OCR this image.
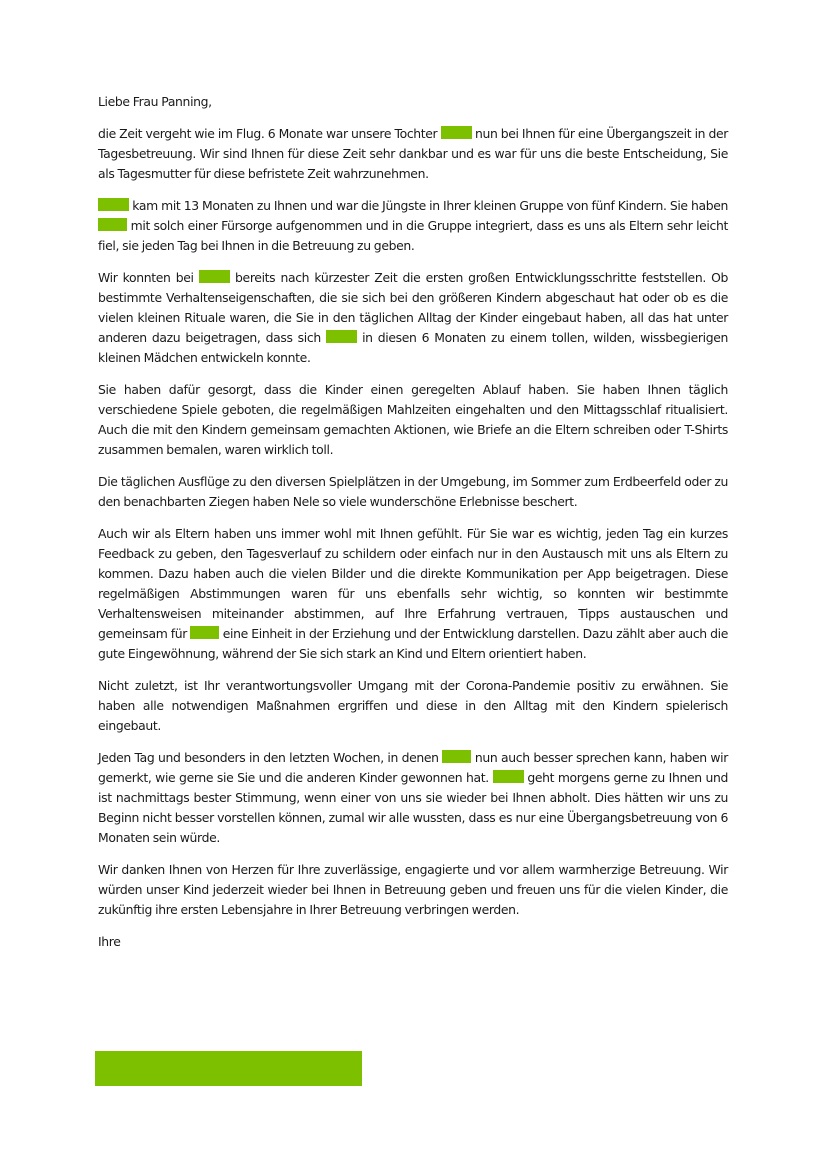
Liebe Frau Panning,

die Zeit vergeht wie im Flug. 6 Monate war unsere Tochter	nun bei Ihnen für eine Übergangszeit in der Tagesbetreuung. Wir sind Ihnen für diese Zeit sehr dankbar und es war für uns die beste Entscheidung, Sie als Tagesmutter für diese befristete Zeit wahrzunehmen.

kam mit 13 Monaten zu Ihnen und war die Jüngste in Ihrer kleinen Gruppe von fünf Kindern. Sie haben  mit solch einer Fürsorge aufgenommen und in die Gruppe integriert, dass es uns als Eltern sehr leicht fiel, sie jeden Tag bei Ihnen in die Betreuung zu geben.

Wir konnten bei	bereits nach kürzester Zeit die ersten großen Entwicklungsschritte feststellen. Ob bestimmte Verhaltenseigenschaften, die sie sich bei den größeren Kindern abgeschaut hat oder ob es die vielen kleinen Rituale waren, die Sie in den täglichen Alltag der Kinder eingebaut haben, all das hat unter anderen dazu beigetragen, dass sich	in diesen 6 Monaten zu einem tollen, wilden, wissbegierigen kleinen Mädchen entwickeln konnte.

Sie haben dafür gesorgt, dass die Kinder einen geregelten Ablauf haben. Sie haben Ihnen täglich verschiedene Spiele geboten, die regelmäßigen Mahlzeiten eingehalten und den Mittagsschlaf ritualisiert. Auch die mit den Kindern gemeinsam gemachten Aktionen, wie Briefe an die Eltern schreiben oder T-Shirts zusammen bemalen, waren wirklich toll.

Die täglichen Ausflüge zu den diversen Spielplätzen in der Umgebung, im Sommer zum Erdbeerfeld oder zu den benachbarten Ziegen haben Nele so viele wunderschöne Erlebnisse beschert.

Auch wir als Eltern haben uns immer wohl mit Ihnen gefühlt. Für Sie war es wichtig, jeden Tag ein kurzes Feedback zu geben, den Tagesverlauf zu schildern oder einfach nur in den Austausch mit uns als Eltern zu kommen. Dazu haben auch die vielen Bilder und die direkte Kommunikation per App beigetragen. Diese regelmäßigen Abstimmungen waren für uns ebenfalls sehr wichtig, so konnten wir bestimmte Verhaltensweisen miteinander abstimmen, auf Ihre Erfahrung vertrauen, Tipps austauschen und gemeinsam für	eine Einheit in der Erziehung und der Entwicklung darstellen. Dazu zählt aber auch die gute Eingewöhnung, während der Sie sich stark an Kind und Eltern orientiert haben.

Nicht zuletzt, ist Ihr verantwortungsvoller Umgang mit der Corona-Pandemie positiv zu erwähnen. Sie haben alle notwendigen Maßnahmen ergriffen und diese in den Alltag mit den Kindern spielerisch eingebaut.

Jeden Tag und besonders in den letzten Wochen, in denen	nun auch besser sprechen kann, haben wir gemerkt, wie gerne sie Sie und die anderen Kinder gewonnen hat.	geht morgens gerne zu Ihnen und ist nachmittags bester Stimmung, wenn einer von uns sie wieder bei Ihnen abholt. Dies hätten wir uns zu Beginn nicht besser vorstellen können, zumal wir alle wussten, dass es nur eine Übergangsbetreuung von 6 Monaten sein würde.

Wir danken Ihnen von Herzen für Ihre zuverlässige, engagierte und vor allem warmherzige Betreuung. Wir würden unser Kind jederzeit wieder bei Ihnen in Betreuung geben und freuen uns für die vielen Kinder, die zukünftig ihre ersten Lebensjahre in Ihrer Betreuung verbringen werden.

Ihre
